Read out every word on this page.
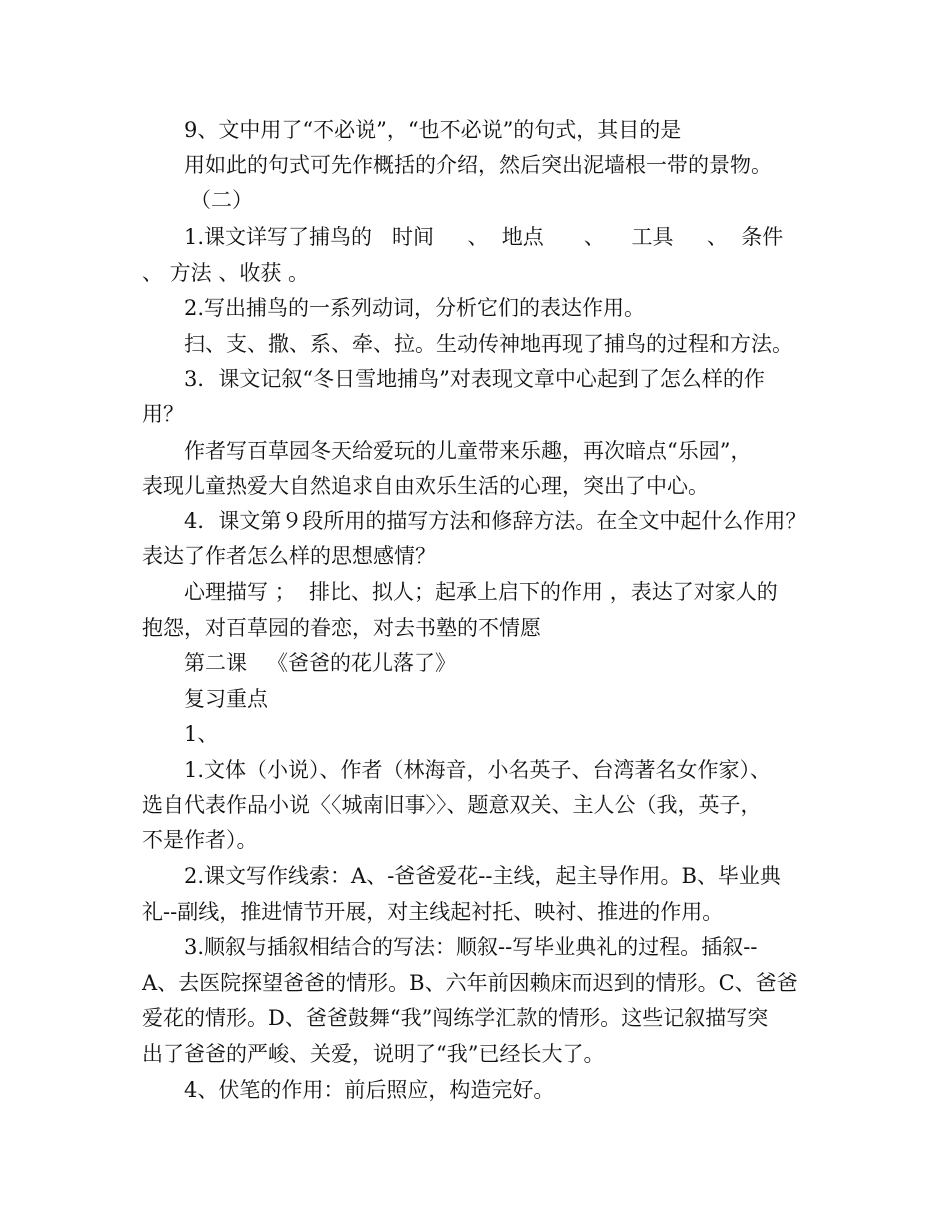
9、文中用了“不必说”，“也不必说”的句式，其目的是
用如此的句式可先作概括的介绍，然后突出泥墙根一带的景物。
（二）
1.课文详写了捕鸟的   时间     、  地点      、    工具     、  条件
、 方法 、收获 。
2.写出捕鸟的一系列动词，分析它们的表达作用。
扫、支、撒、系、牵、拉。生动传神地再现了捕鸟的过程和方法。
3．课文记叙“冬日雪地捕鸟”对表现文章中心起到了怎么样的作
用？
作者写百草园冬天给爱玩的儿童带来乐趣，再次暗点“乐园”，
表现儿童热爱大自然追求自由欢乐生活的心理，突出了中心。
4．课文第９段所用的描写方法和修辞方法。在全文中起什么作用？
表达了作者怎么样的思想感情？
心理描写 ；  排比、拟人；起承上启下的作用 ，表达了对家人的
抱怨，对百草园的眷恋，对去书塾的不情愿
第二课   《爸爸的花儿落了》
复习重点
1、
1.文体（小说）、作者（林海音，小名英子、台湾著名女作家）、
选自代表作品小说〈〈城南旧事〉〉、题意双关、主人公（我，英子，
不是作者）。
2.课文写作线索：A、-爸爸爱花--主线，起主导作用。B、毕业典
礼--副线，推进情节开展，对主线起衬托、映衬、推进的作用。
3.顺叙与插叙相结合的写法：顺叙--写毕业典礼的过程。插叙--
A、去医院探望爸爸的情形。B、六年前因赖床而迟到的情形。C、爸爸
爱花的情形。D、爸爸鼓舞“我”闯练学汇款的情形。这些记叙描写突
出了爸爸的严峻、关爱，说明了“我”已经长大了。
4、伏笔的作用：前后照应，构造完好。
